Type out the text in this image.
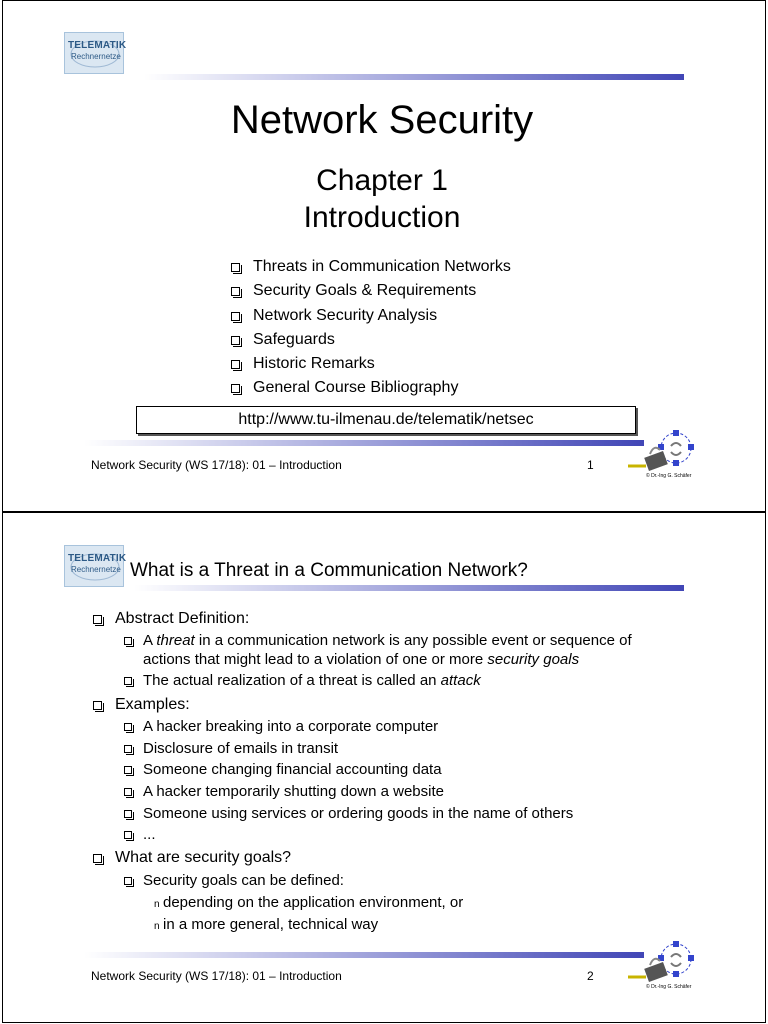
TELEMATIK
Rechnernetze
Network Security
Chapter 1
Introduction
Threats in Communication Networks
Security Goals & Requirements
Network Security Analysis
Safeguards
Historic Remarks
General Course Bibliography
http://www.tu-ilmenau.de/telematik/netsec
Network Security (WS 17/18): 01 – Introduction	1
© Dr.-Ing G. Schäfer
TELEMATIK
Rechnernetze What is a Threat in a Communication Network?
Abstract Definition:
A threat in a communication network is any possible event or sequence of
actions that might lead to a violation of one or more security goals
The actual realization of a threat is called an attack
Examples:
A hacker breaking into a corporate computer
Disclosure of emails in transit
Someone changing financial accounting data
A hacker temporarily shutting down a website
Someone using services or ordering goods in the name of others
...
What are security goals?
Security goals can be defined:
n depending on the application environment, or
n in a more general, technical way
Network Security (WS 17/18): 01 – Introduction	2
© Dr.-Ing G. Schäfer
